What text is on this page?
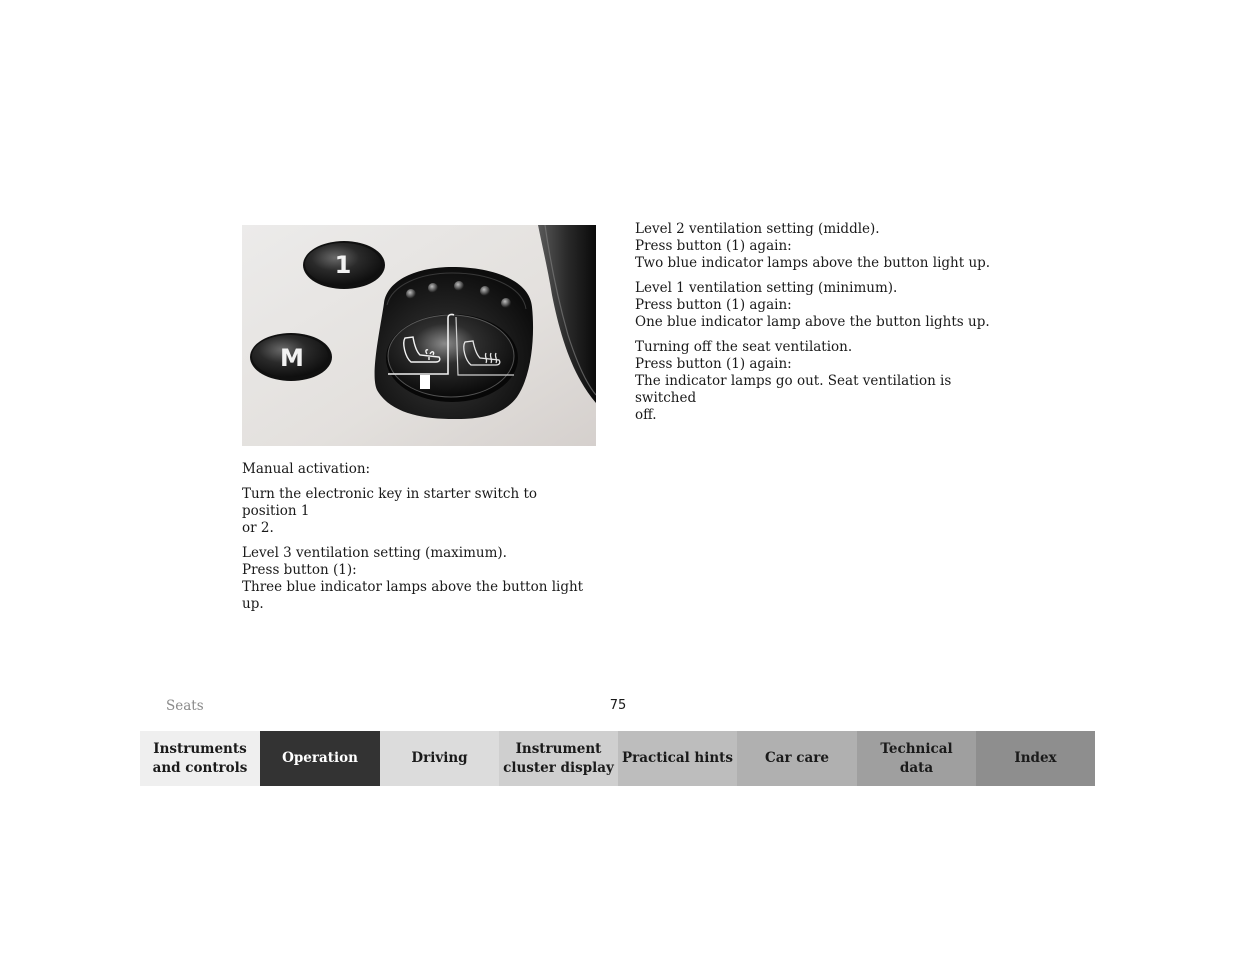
1
M

Manual activation:

Turn the electronic key in starter switch to position 1
or 2.

Level 3 ventilation setting (maximum).
Press button (1):
Three blue indicator lamps above the button light up.

Level 2 ventilation setting (middle).
Press button (1) again:
Two blue indicator lamps above the button light up.

Level 1 ventilation setting (minimum).
Press button (1) again:
One blue indicator lamp above the button lights up.

Turning off the seat ventilation.
Press button (1) again:
The indicator lamps go out. Seat ventilation is switched
off.

Seats	75
Instruments
and controls
Operation	Driving
Instrument
cluster display
Practical hints	Car care
Technical
data
Index
